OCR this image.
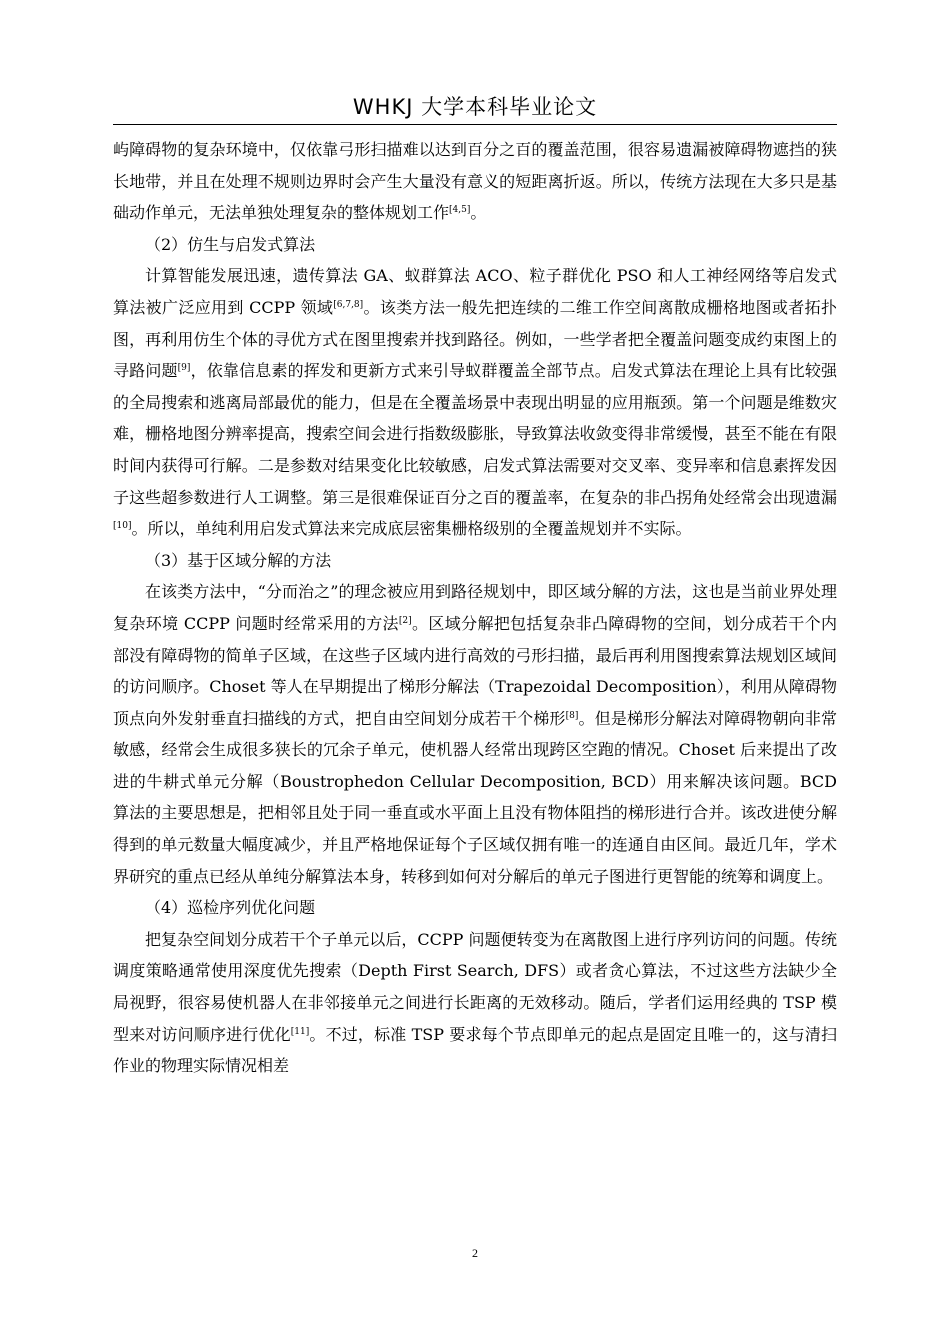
WHKJ 大学本科毕业论文

屿障碍物的复杂环境中，仅依靠弓形扫描难以达到百分之百的覆盖范围，很容易遗漏被障碍物遮挡的狭长地带，并且在处理不规则边界时会产生大量没有意义的短距离折返。所以，传统方法现在大多只是基础动作单元，无法单独处理复杂的整体规划工作[4,5]。

（2）仿生与启发式算法

计算智能发展迅速，遗传算法 GA、蚁群算法 ACO、粒子群优化 PSO 和人工神经网络等启发式算法被广泛应用到 CCPP 领域[6,7,8]。该类方法一般先把连续的二维工作空间离散成栅格地图或者拓扑图，再利用仿生个体的寻优方式在图里搜索并找到路径。例如，一些学者把全覆盖问题变成约束图上的寻路问题[9]，依靠信息素的挥发和更新方式来引导蚁群覆盖全部节点。启发式算法在理论上具有比较强的全局搜索和逃离局部最优的能力，但是在全覆盖场景中表现出明显的应用瓶颈。第一个问题是维数灾难，栅格地图分辨率提高，搜索空间会进行指数级膨胀，导致算法收敛变得非常缓慢，甚至不能在有限时间内获得可行解。二是参数对结果变化比较敏感，启发式算法需要对交叉率、变异率和信息素挥发因子这些超参数进行人工调整。第三是很难保证百分之百的覆盖率，在复杂的非凸拐角处经常会出现遗漏[10]。所以，单纯利用启发式算法来完成底层密集栅格级别的全覆盖规划并不实际。

（3）基于区域分解的方法

在该类方法中，“分而治之”的理念被应用到路径规划中，即区域分解的方法，这也是当前业界处理复杂环境 CCPP 问题时经常采用的方法[2]。区域分解把包括复杂非凸障碍物的空间，划分成若干个内部没有障碍物的简单子区域，在这些子区域内进行高效的弓形扫描，最后再利用图搜索算法规划区域间的访问顺序。Choset 等人在早期提出了梯形分解法（Trapezoidal Decomposition），利用从障碍物顶点向外发射垂直扫描线的方式，把自由空间划分成若干个梯形[8]。但是梯形分解法对障碍物朝向非常敏感，经常会生成很多狭长的冗余子单元，使机器人经常出现跨区空跑的情况。Choset 后来提出了改进的牛耕式单元分解（Boustrophedon Cellular Decomposition, BCD）用来解决该问题。BCD 算法的主要思想是，把相邻且处于同一垂直或水平面上且没有物体阻挡的梯形进行合并。该改进使分解得到的单元数量大幅度减少，并且严格地保证每个子区域仅拥有唯一的连通自由区间。最近几年，学术界研究的重点已经从单纯分解算法本身，转移到如何对分解后的单元子图进行更智能的统筹和调度上。

（4）巡检序列优化问题

把复杂空间划分成若干个子单元以后，CCPP 问题便转变为在离散图上进行序列访问的问题。传统调度策略通常使用深度优先搜索（Depth First Search, DFS）或者贪心算法，不过这些方法缺少全局视野，很容易使机器人在非邻接单元之间进行长距离的无效移动。随后，学者们运用经典的 TSP 模型来对访问顺序进行优化[11]。不过，标准 TSP 要求每个节点即单元的起点是固定且唯一的，这与清扫作业的物理实际情况相差

2
